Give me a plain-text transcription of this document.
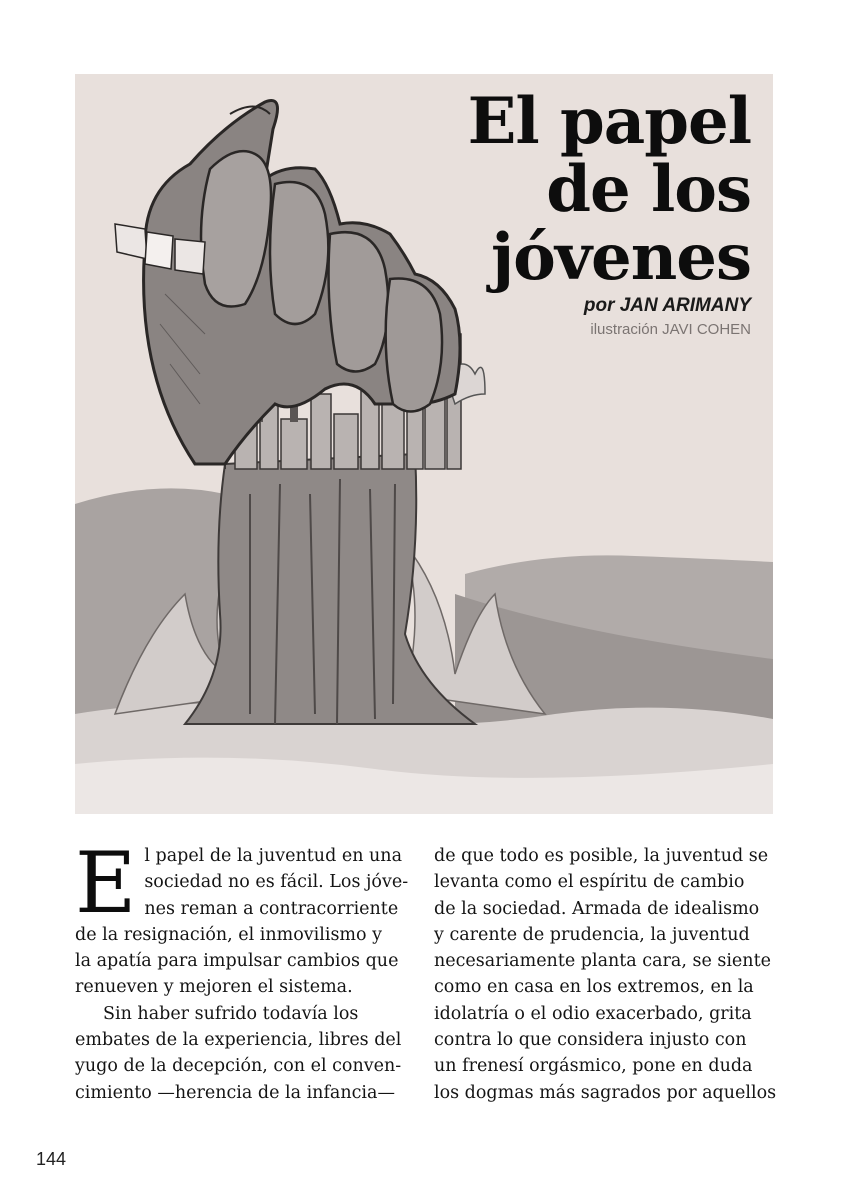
El papel
de los
jóvenes
por JAN ARIMANY
ilustración JAVI COHEN

E l papel de la juventud en una
sociedad no es fácil. Los jóve-
nes reman a contracorriente
de la resignación, el inmovilismo y
la apatía para impulsar cambios que
renueven y mejoren el sistema.

Sin haber sufrido todavía los
embates de la experiencia, libres del
yugo de la decepción, con el conven-
cimiento —herencia de la infancia—

de que todo es posible, la juventud se
levanta como el espíritu de cambio
de la sociedad. Armada de idealismo
y carente de prudencia, la juventud
necesariamente planta cara, se siente
como en casa en los extremos, en la
idolatría o el odio exacerbado, grita
contra lo que considera injusto con
un frenesí orgásmico, pone en duda
los dogmas más sagrados por aquellos

144
